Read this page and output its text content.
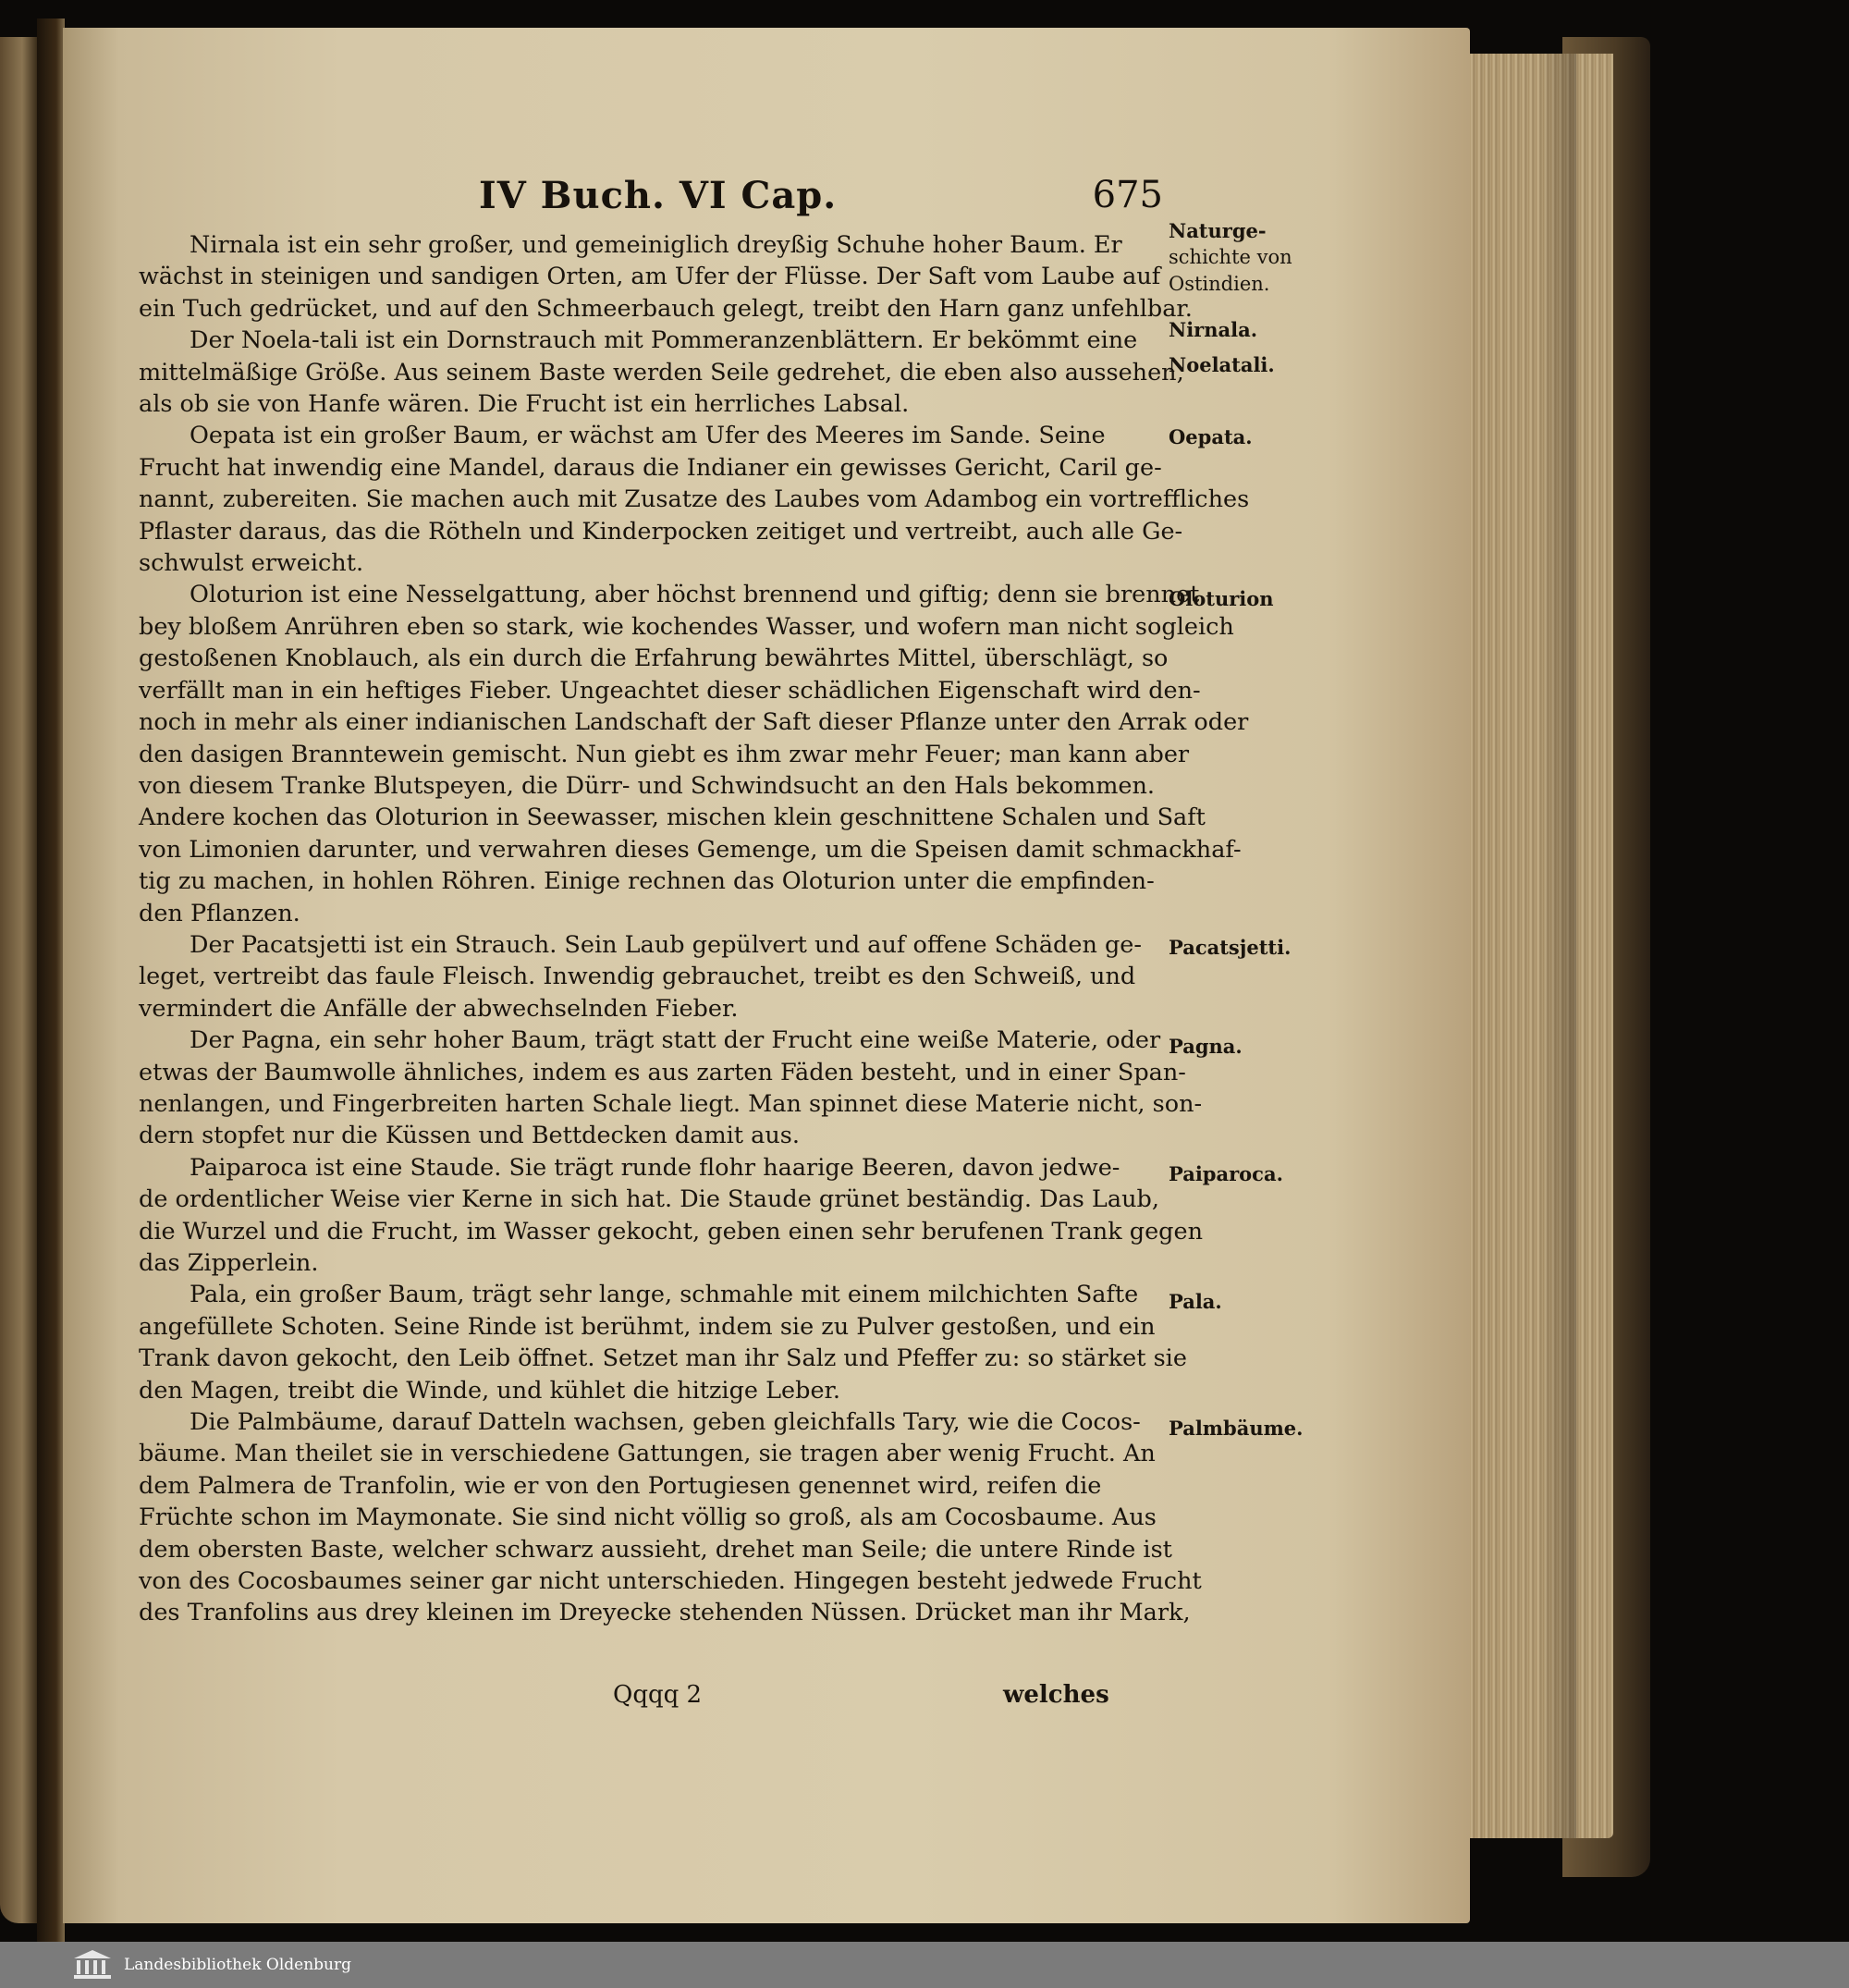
IV Buch. VI Cap.	675

Nirnala ist ein sehr großer, und gemeiniglich dreyßig Schuhe hoher Baum. Er
wächst in steinigen und sandigen Orten, am Ufer der Flüsse. Der Saft vom Laube auf
ein Tuch gedrücket, und auf den Schmeerbauch gelegt, treibt den Harn ganz unfehlbar.

Der Noela-tali ist ein Dornstrauch mit Pommeranzenblättern. Er bekömmt eine
mittelmäßige Größe. Aus seinem Baste werden Seile gedrehet, die eben also aussehen,
als ob sie von Hanfe wären. Die Frucht ist ein herrliches Labsal.

Oepata ist ein großer Baum, er wächst am Ufer des Meeres im Sande. Seine
Frucht hat inwendig eine Mandel, daraus die Indianer ein gewisses Gericht, Caril ge-
nannt, zubereiten. Sie machen auch mit Zusatze des Laubes vom Adambog ein vortreffliches
Pflaster daraus, das die Rötheln und Kinderpocken zeitiget und vertreibt, auch alle Ge-
schwulst erweicht.

Oloturion ist eine Nesselgattung, aber höchst brennend und giftig; denn sie brennet
bey bloßem Anrühren eben so stark, wie kochendes Wasser, und wofern man nicht sogleich
gestoßenen Knoblauch, als ein durch die Erfahrung bewährtes Mittel, überschlägt, so
verfällt man in ein heftiges Fieber. Ungeachtet dieser schädlichen Eigenschaft wird den-
noch in mehr als einer indianischen Landschaft der Saft dieser Pflanze unter den Arrak oder
den dasigen Branntewein gemischt. Nun giebt es ihm zwar mehr Feuer; man kann aber
von diesem Tranke Blutspeyen, die Dürr- und Schwindsucht an den Hals bekommen.
Andere kochen das Oloturion in Seewasser, mischen klein geschnittene Schalen und Saft
von Limonien darunter, und verwahren dieses Gemenge, um die Speisen damit schmackhaf-
tig zu machen, in hohlen Röhren. Einige rechnen das Oloturion unter die empfinden-
den Pflanzen.

Der Pacatsjetti ist ein Strauch. Sein Laub gepülvert und auf offene Schäden ge-
leget, vertreibt das faule Fleisch. Inwendig gebrauchet, treibt es den Schweiß, und
vermindert die Anfälle der abwechselnden Fieber.

Der Pagna, ein sehr hoher Baum, trägt statt der Frucht eine weiße Materie, oder
etwas der Baumwolle ähnliches, indem es aus zarten Fäden besteht, und in einer Span-
nenlangen, und Fingerbreiten harten Schale liegt. Man spinnet diese Materie nicht, son-
dern stopfet nur die Küssen und Bettdecken damit aus.

Paiparoca ist eine Staude. Sie trägt runde flohr haarige Beeren, davon jedwe-
de ordentlicher Weise vier Kerne in sich hat. Die Staude grünet beständig. Das Laub,
die Wurzel und die Frucht, im Wasser gekocht, geben einen sehr berufenen Trank gegen
das Zipperlein.

Pala, ein großer Baum, trägt sehr lange, schmahle mit einem milchichten Safte
angefüllete Schoten. Seine Rinde ist berühmt, indem sie zu Pulver gestoßen, und ein
Trank davon gekocht, den Leib öffnet. Setzet man ihr Salz und Pfeffer zu: so stärket sie
den Magen, treibt die Winde, und kühlet die hitzige Leber.

Die Palmbäume, darauf Datteln wachsen, geben gleichfalls Tary, wie die Cocos-
bäume. Man theilet sie in verschiedene Gattungen, sie tragen aber wenig Frucht. An
dem Palmera de Tranfolin, wie er von den Portugiesen genennet wird, reifen die
Früchte schon im Maymonate. Sie sind nicht völlig so groß, als am Cocosbaume. Aus
dem obersten Baste, welcher schwarz aussieht, drehet man Seile; die untere Rinde ist
von des Cocosbaumes seiner gar nicht unterschieden. Hingegen besteht jedwede Frucht
des Tranfolins aus drey kleinen im Dreyecke stehenden Nüssen. Drücket man ihr Mark,

Naturge-
schichte von
Ostindien.
Nirnala.
Noelatali.
Oepata.
Oloturion
Pacatsjetti.
Pagna.
Paiparoca.
Pala.
Palmbäume.
Qqqq 2	welches
Landesbibliothek Oldenburg
